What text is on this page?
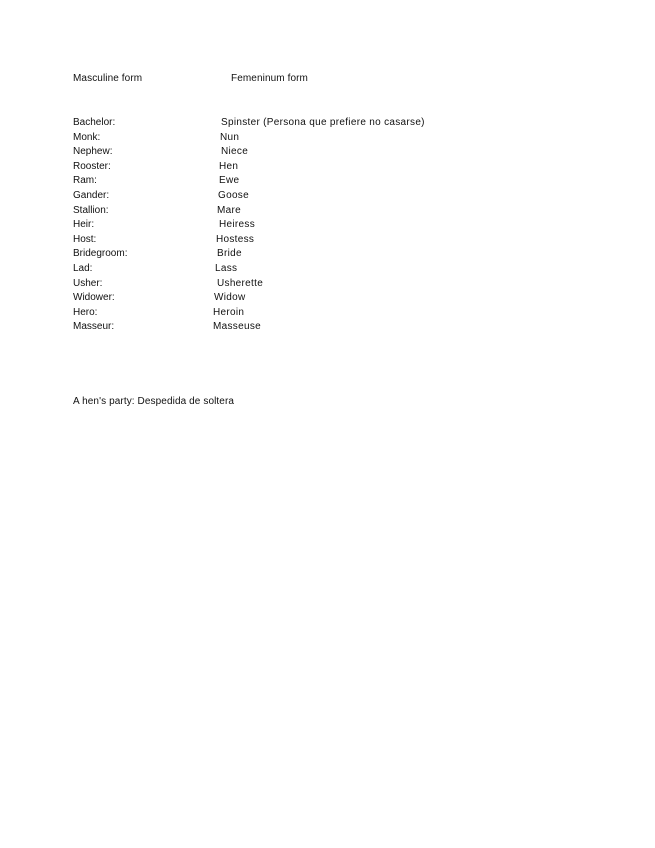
Masculine form	Femeninum form
Bachelor:	Spinster (Persona que prefiere no casarse)
Monk:	Nun
Nephew:	Niece
Rooster:	Hen
Ram:	Ewe
Gander:	Goose
Stallion:	Mare
Heir:	Heiress
Host:	Hostess
Bridegroom:	Bride
Lad:	Lass
Usher:	Usherette
Widower:	Widow
Hero:	Heroin
Masseur:	Masseuse
A hen's party: Despedida de soltera
